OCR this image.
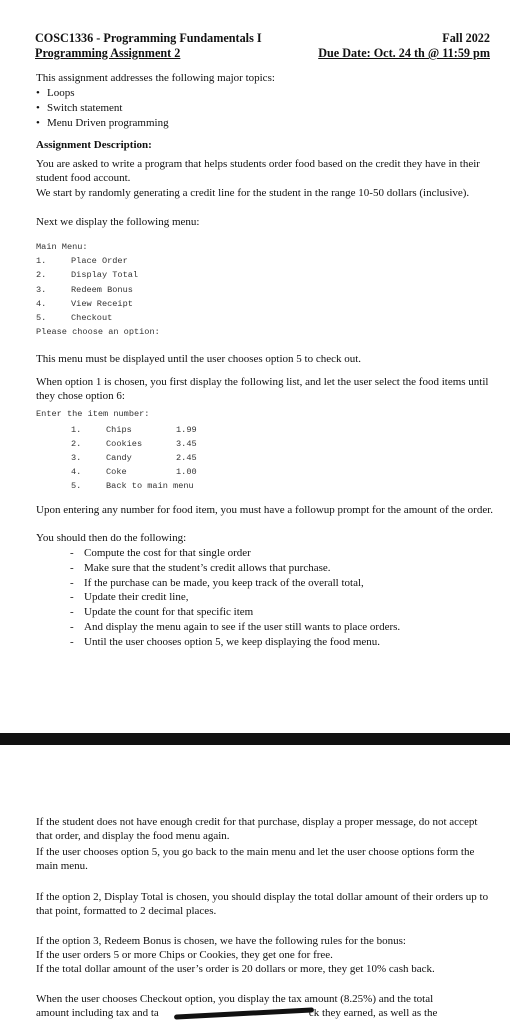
COSC1336 - Programming Fundamentals I
Programming Assignment 2
Fall 2022
Due Date: Oct. 24 th @ 11:59 pm
This assignment addresses the following major topics:
• Loops
• Switch statement
• Menu Driven programming
Assignment Description:
You are asked to write a program that helps students order food based on the credit they have in their student food account.
We start by randomly generating a credit line for the student in the range 10-50 dollars (inclusive).
Next we display the following menu:
Main Menu:
1.	Place Order
2.	Display Total
3.	Redeem Bonus
4.	View Receipt
5.	Checkout
Please choose an option:
This menu must be displayed until the user chooses option 5 to check out.
When option 1 is chosen, you first display the following list, and let the user select the food items until they chose option 6:
Enter the item number:
1.	Chips	1.99
2.	Cookies	3.45
3.	Candy	2.45
4.	Coke	1.00
5.	Back to main menu	
Upon entering any number for food item, you must have a followup prompt for the amount of the order.
You should then do the following:
- Compute the cost for that single order
- Make sure that the student’s credit allows that purchase.
- If the purchase can be made, you keep track of the overall total,
- Update their credit line,
- Update the count for that specific item
- And display the menu again to see if the user still wants to place orders.
- Until the user chooses option 5, we keep displaying the food menu.
If the student does not have enough credit for that purchase, display a proper message, do not accept that order, and display the food menu again.
If the user chooses option 5, you go back to the main menu and let the user choose options form the main menu.
If the option 2, Display Total is chosen, you should display the total dollar amount of their orders up to that point, formatted to 2 decimal places.
If the option 3, Redeem Bonus is chosen, we have the following rules for the bonus:
If the user orders 5 or more Chips or Cookies, they get one for free.
If the total dollar amount of the user’s order is 20 dollars or more, they get 10% cash back.
When the user chooses Checkout option, you display the tax amount (8.25%) and the total
amount including tax and ta	ck they earned, as well as the
